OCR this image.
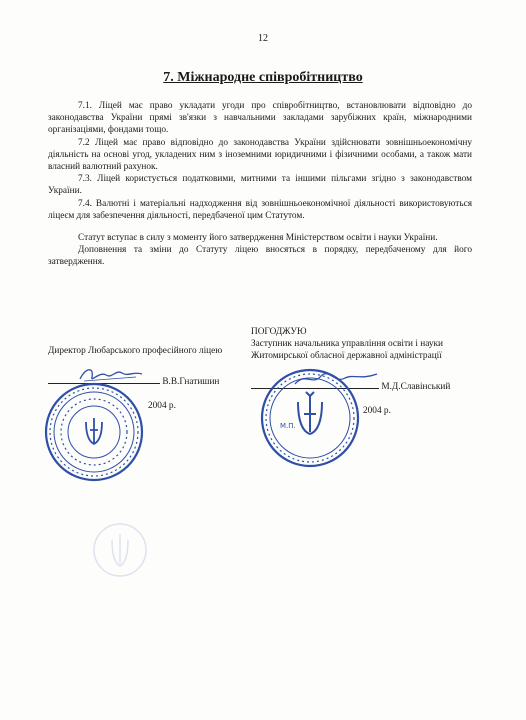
12
7. Міжнародне співробітництво

7.1. Ліцей має право укладати угоди про співробітництво, встановлювати відповідно до законодавства України прямі зв'язки з навчальними закладами зарубіжних країн, міжнародними організаціями, фондами тощо.

7.2 Ліцей має право відповідно до законодавства України здійснювати зовнішньоекономічну діяльність на основі угод, укладених ним з іноземними юридичними і фізичними особами, а також мати власний валютний рахунок.

7.3. Ліцей користується податковими, митними та іншими пільгами згідно з законодавством України.

7.4. Валютні і матеріальні надходження від зовнішньоекономічної діяльності використовуються ліцеєм для забезпечення діяльності, передбаченої цим Статутом.

Статут вступає в силу з моменту його затвердження Міністерством освіти і науки України.

Доповнення та зміни до Статуту ліцею вносяться в порядку, передбаченому для його затвердження.

Директор Любарського професійного ліцею
В.В.Гнатишин
2004 р.
ПОГОДЖУЮ
Заступник начальника управління освіти і науки Житомирської обласної державної адміністрації
М.Д.Славінський
2004 р.
М.П.
